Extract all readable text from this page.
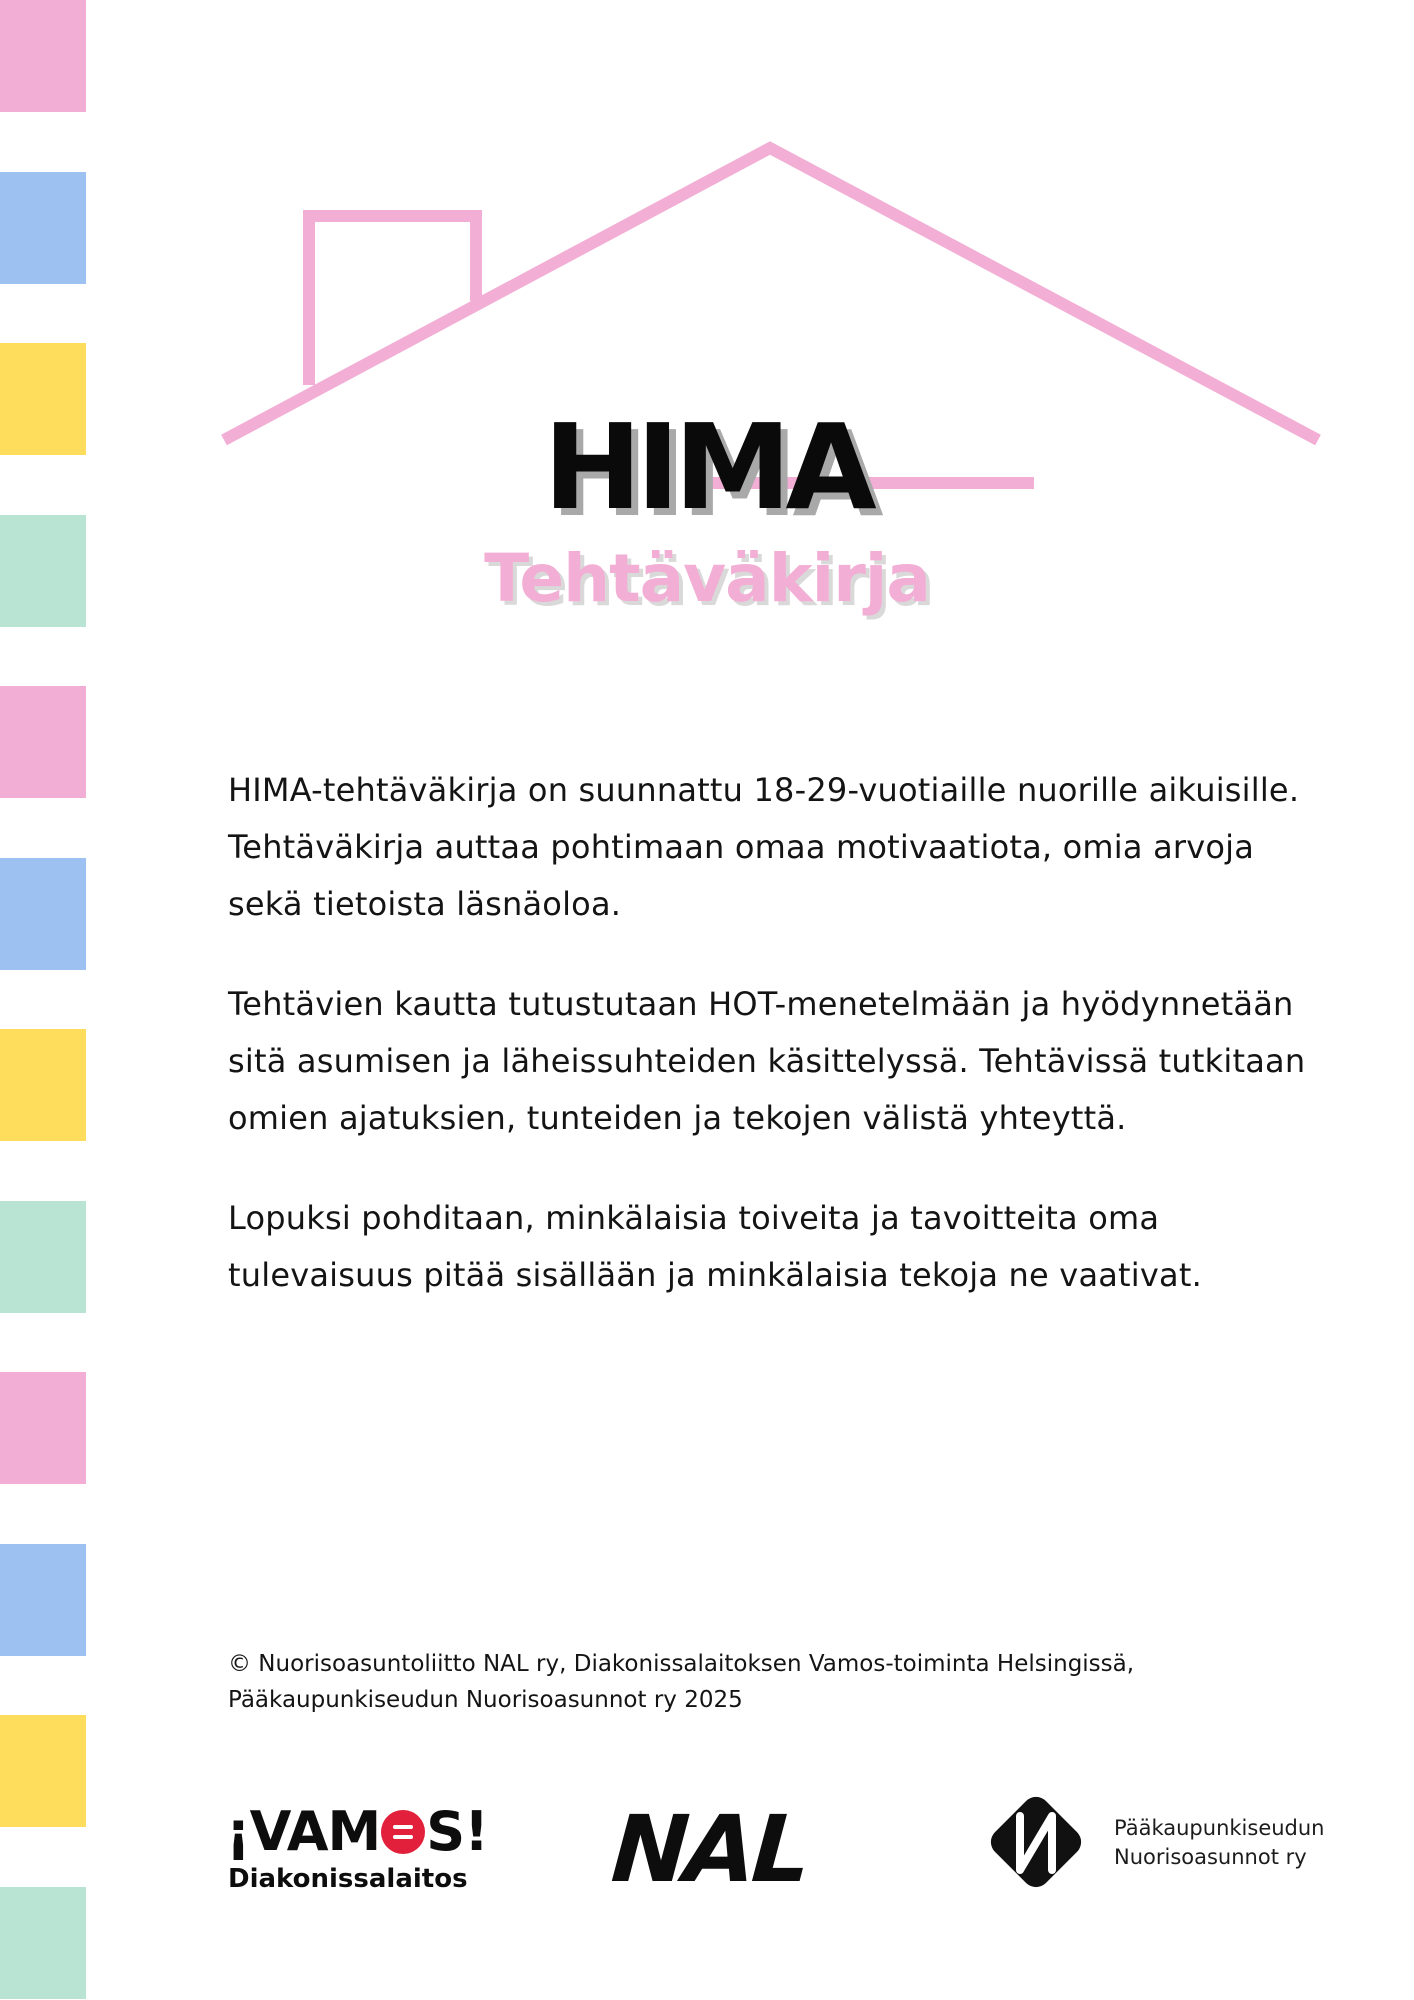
HIMA
Tehtäväkirja

HIMA-tehtäväkirja on suunnattu 18-29-vuotiaille nuorille aikuisille. Tehtäväkirja auttaa pohtimaan omaa motivaatiota, omia arvoja sekä tietoista läsnäoloa.

Tehtävien kautta tutustutaan HOT-menetelmään ja hyödynnetään sitä asumisen ja läheissuhteiden käsittelyssä. Tehtävissä tutkitaan omien ajatuksien, tunteiden ja tekojen välistä yhteyttä.

Lopuksi pohditaan, minkälaisia toiveita ja tavoitteita oma tulevaisuus pitää sisällään ja minkälaisia tekoja ne vaativat.

© Nuorisoasuntoliitto NAL ry, Diakonissalaitoksen Vamos-toiminta Helsingissä,
Pääkaupunkiseudun Nuorisoasunnot ry 2025

¡VAM S!
Diakonissalaitos NAL	Pääkaupunkiseudun
Nuorisoasunnot ry
